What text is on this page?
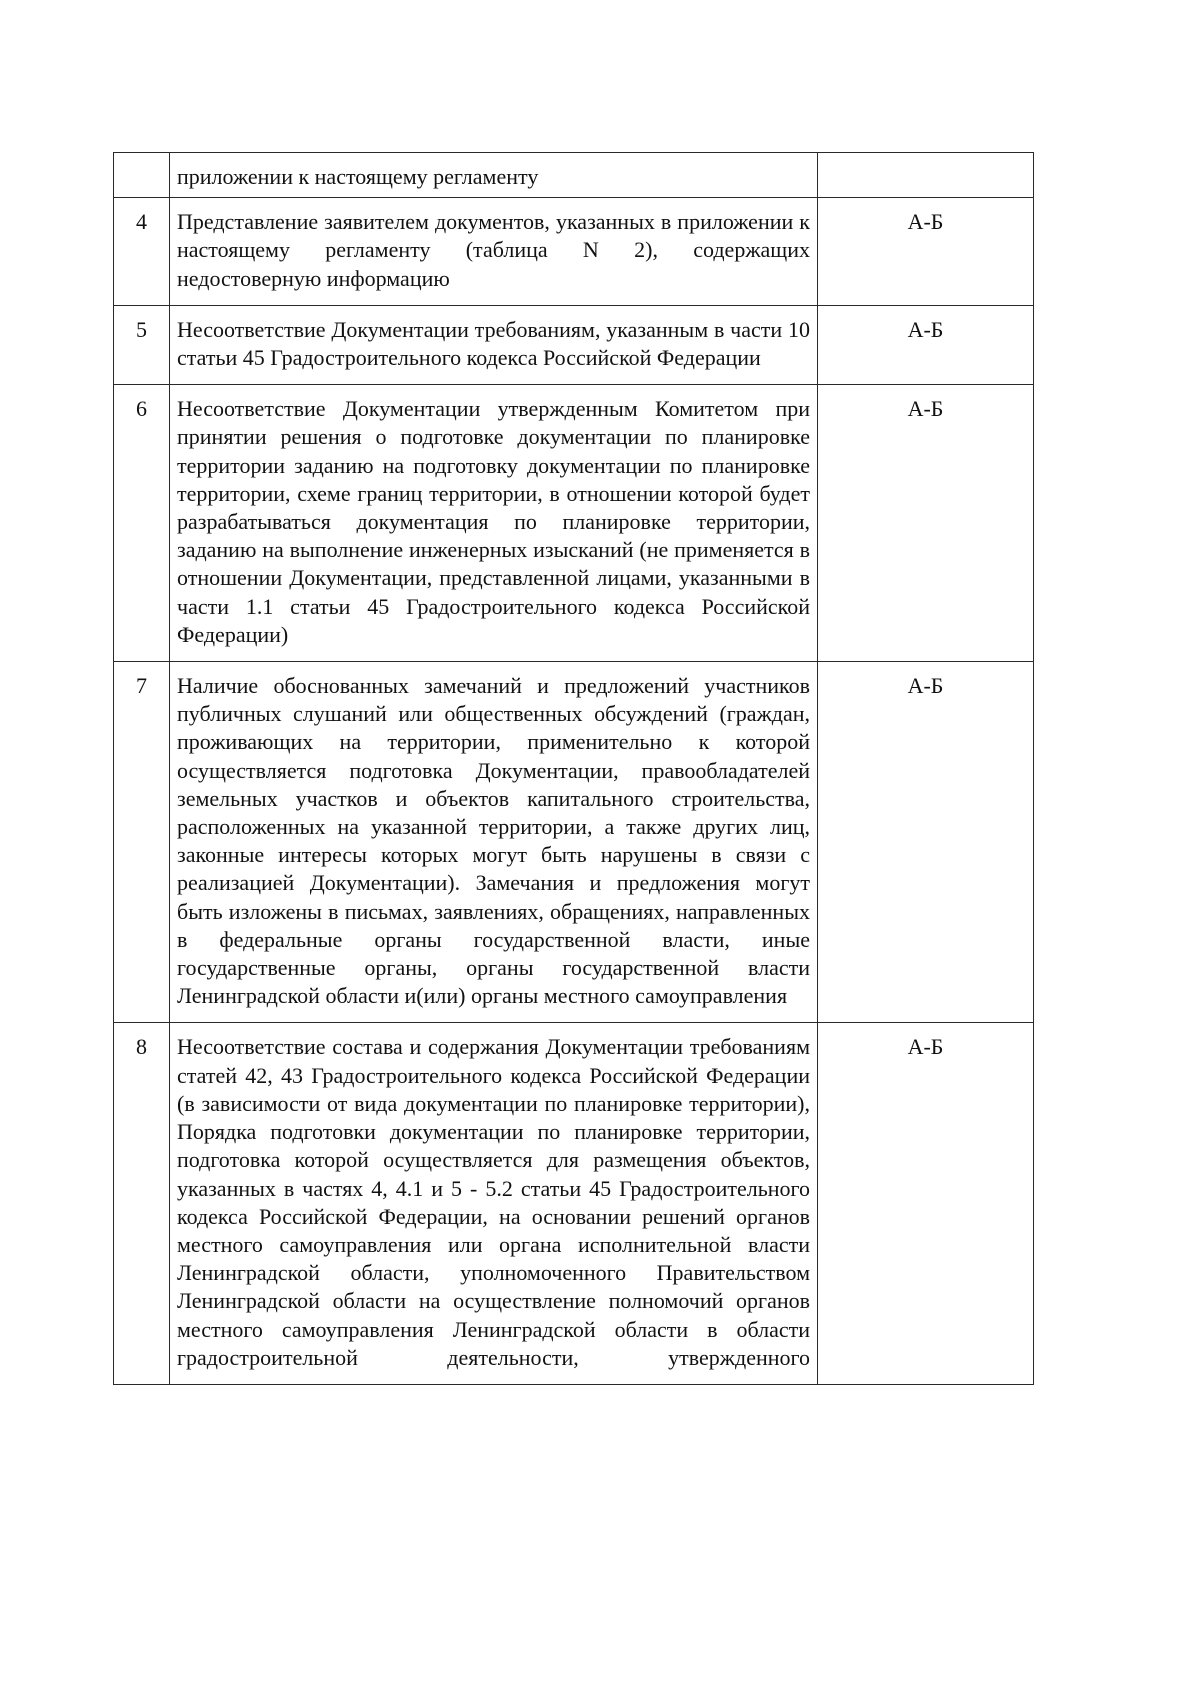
	приложении к настоящему регламенту	
4	Представление заявителем документов, указанных в приложении к настоящему регламенту (таблица N 2), содержащих недостоверную информацию	А-Б
5	Несоответствие Документации требованиям, указанным в части 10 статьи 45 Градостроительного кодекса Российской Федерации	А-Б
6	Несоответствие Документации утвержденным Комитетом при принятии решения о подготовке документации по планировке территории заданию на подготовку документации по планировке территории, схеме границ территории, в отношении которой будет разрабатываться документация по планировке территории, заданию на выполнение инженерных изысканий (не применяется в отношении Документации, представленной лицами, указанными в части 1.1 статьи 45 Градостроительного кодекса Российской Федерации)	А-Б
7	Наличие обоснованных замечаний и предложений участников публичных слушаний или общественных обсуждений (граждан, проживающих на территории, применительно к которой осуществляется подготовка Документации, правообладателей земельных участков и объектов капитального строительства, расположенных на указанной территории, а также других лиц, законные интересы которых могут быть нарушены в связи с реализацией Документации). Замечания и предложения могут быть изложены в письмах, заявлениях, обращениях, направленных в федеральные органы государственной власти, иные государственные органы, органы государственной власти Ленинградской области и(или) органы местного самоуправления	А-Б
8	Несоответствие состава и содержания Документации требованиям статей 42, 43 Градостроительного кодекса Российской Федерации (в зависимости от вида документации по планировке территории), Порядка подготовки документации по планировке территории, подготовка которой осуществляется для размещения объектов, указанных в частях 4, 4.1 и 5 - 5.2 статьи 45 Градостроительного кодекса Российской Федерации, на основании решений органов местного самоуправления или органа исполнительной власти Ленинградской области, уполномоченного Правительством Ленинградской области на осуществление полномочий органов местного самоуправления Ленинградской области в области градостроительной деятельности, утвержденного	А-Б
